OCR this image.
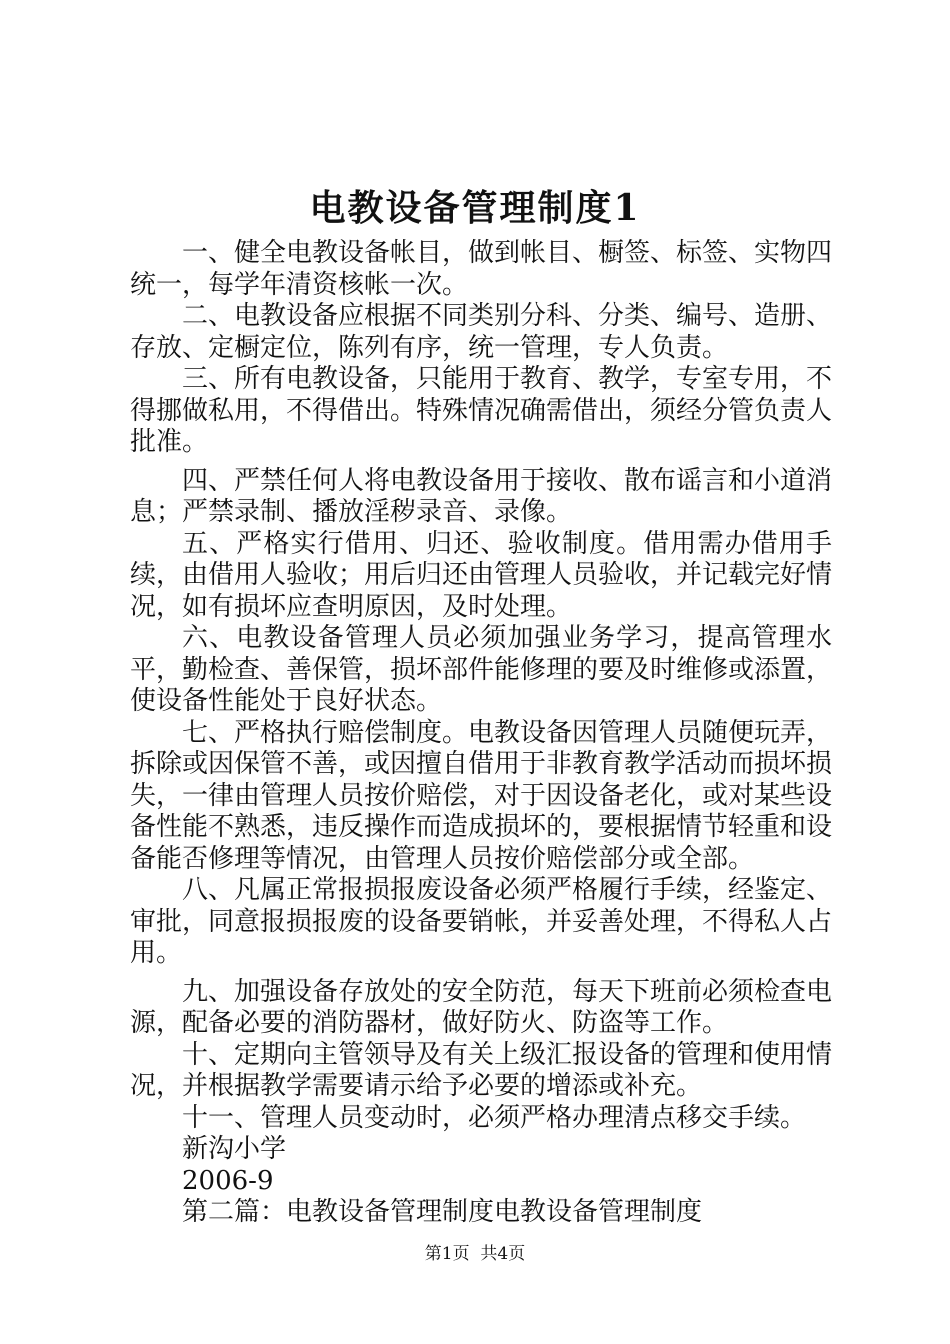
电教设备管理制度1

一、健全电教设备帐目，做到帐目、橱签、标签、实物四统一，每学年清资核帐一次。

二、电教设备应根据不同类别分科、分类、编号、造册、存放、定橱定位，陈列有序，统一管理，专人负责。

三、所有电教设备，只能用于教育、教学，专室专用，不得挪做私用，不得借出。特殊情况确需借出，须经分管负责人批准。

四、严禁任何人将电教设备用于接收、散布谣言和小道消息；严禁录制、播放淫秽录音、录像。

五、严格实行借用、归还、验收制度。借用需办借用手续，由借用人验收；用后归还由管理人员验收，并记载完好情况，如有损坏应查明原因，及时处理。

六、电教设备管理人员必须加强业务学习，提高管理水平，勤检查、善保管，损坏部件能修理的要及时维修或添置，使设备性能处于良好状态。

七、严格执行赔偿制度。电教设备因管理人员随便玩弄，拆除或因保管不善，或因擅自借用于非教育教学活动而损坏损失，一律由管理人员按价赔偿，对于因设备老化，或对某些设备性能不熟悉，违反操作而造成损坏的，要根据情节轻重和设备能否修理等情况，由管理人员按价赔偿部分或全部。

八、凡属正常报损报废设备必须严格履行手续，经鉴定、审批，同意报损报废的设备要销帐，并妥善处理，不得私人占用。

九、加强设备存放处的安全防范，每天下班前必须检查电源，配备必要的消防器材，做好防火、防盗等工作。

十、定期向主管领导及有关上级汇报设备的管理和使用情况，并根据教学需要请示给予必要的增添或补充。

十一、管理人员变动时，必须严格办理清点移交手续。

新沟小学

2006-9

第二篇：电教设备管理制度电教设备管理制度

第1页 共4页
